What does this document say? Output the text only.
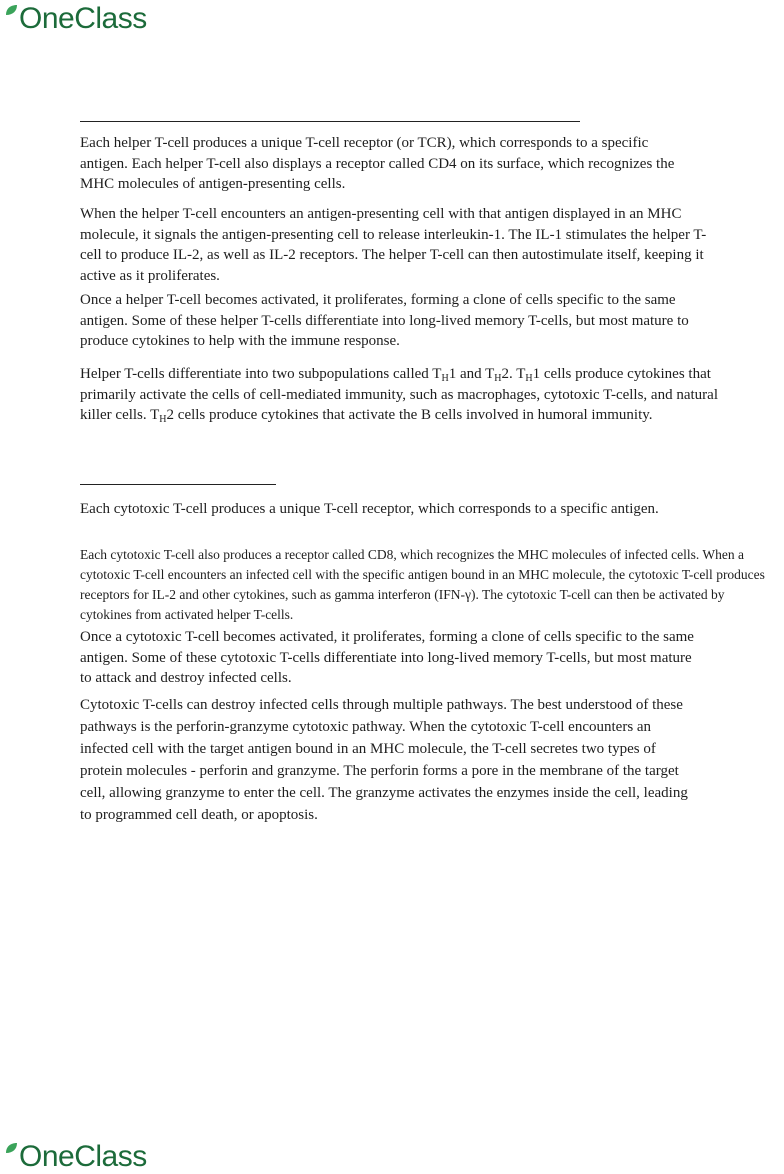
OneClass

Each helper T-cell produces a unique T-cell receptor (or TCR), which corresponds to a specific antigen. Each helper T-cell also displays a receptor called CD4 on its surface, which recognizes the MHC molecules of antigen-presenting cells.

When the helper T-cell encounters an antigen-presenting cell with that antigen displayed in an MHC molecule, it signals the antigen-presenting cell to release interleukin-1. The IL-1 stimulates the helper T-cell to produce IL-2, as well as IL-2 receptors. The helper T-cell can then autostimulate itself, keeping it active as it proliferates.

Once a helper T-cell becomes activated, it proliferates, forming a clone of cells specific to the same antigen. Some of these helper T-cells differentiate into long-lived memory T-cells, but most mature to produce cytokines to help with the immune response.

Helper T-cells differentiate into two subpopulations called $T_H1$ and $T_H2$. $T_H1$ cells produce cytokines that primarily activate the cells of cell-mediated immunity, such as macrophages, cytotoxic T-cells, and natural killer cells. $T_H2$ cells produce cytokines that activate the B cells involved in humoral immunity.

Each cytotoxic T-cell produces a unique T-cell receptor, which corresponds to a specific antigen.

Each cytotoxic T-cell also produces a receptor called CD8, which recognizes the MHC molecules of infected cells. When a cytotoxic T-cell encounters an infected cell with the specific antigen bound in an MHC molecule, the cytotoxic T-cell produces receptors for IL-2 and other cytokines, such as gamma interferon (IFN-γ). The cytotoxic T-cell can then be activated by cytokines from activated helper T-cells.

Once a cytotoxic T-cell becomes activated, it proliferates, forming a clone of cells specific to the same antigen. Some of these cytotoxic T-cells differentiate into long-lived memory T-cells, but most mature to attack and destroy infected cells.

Cytotoxic T-cells can destroy infected cells through multiple pathways. The best understood of these pathways is the perforin-granzyme cytotoxic pathway. When the cytotoxic T-cell encounters an infected cell with the target antigen bound in an MHC molecule, the T-cell secretes two types of protein molecules - perforin and granzyme. The perforin forms a pore in the membrane of the target cell, allowing granzyme to enter the cell. The granzyme activates the enzymes inside the cell, leading to programmed cell death, or apoptosis.

OneClass
